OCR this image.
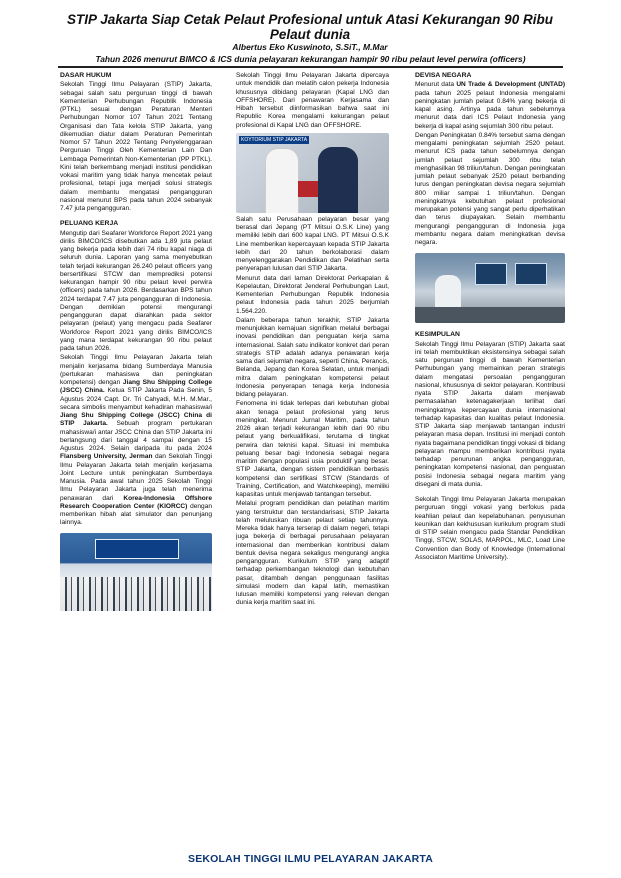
STIP Jakarta Siap Cetak Pelaut Profesional untuk Atasi Kekurangan 90 Ribu Pelaut dunia
Albertus Eko Kuswinoto, S.SiT., M.Mar
Tahun 2026 menurut BIMCO & ICS dunia pelayaran kekurangan hampir 90 ribu pelaut level perwira (officers)
DASAR HUKUM

Sekolah Tinggi Ilmu Pelayaran (STIP) Jakarta, sebagai salah satu perguruan tinggi di bawah Kementerian Perhubungan Republik Indonesia (PTKL) sesuai dengan Peraturan Menteri Perhubungan Nomor 107 Tahun 2021 Tentang Organisasi dan Tata kelola STIP Jakarta, yang dikemudian diatur dalam Peraturan Pemerintah Nomor 57 Tahun 2022 Tentang Penyelenggaraan Perguruan Tinggi Oleh Kementerian Lain Dan Lembaga Pemerintah Non-Kementerian (PP PTKL). Kini telah berkembang menjadi institusi pendidikan vokasi maritim yang tidak hanya mencetak pelaut profesional, tetapi juga menjadi solusi strategis dalam membantu mengatasi pengangguran nasional menurut BPS pada tahun 2024 sebanyak 7.47 juta pengangguran.

PELUANG KERJA

Mengutip dari Seafarer Workforce Report 2021 yang dirilis BIMCO/ICS disebutkan ada 1,89 juta pelaut yang bekerja pada lebih dari 74 ribu kapal niaga di seluruh dunia. Laporan yang sama menyebutkan telah terjadi kekurangan 26.240 pelaut officers yang bersertifikasi STCW dan memprediksi potensi kekurangan hampir 90 ribu pelaut level perwira (officers) pada tahun 2026. Berdasarkan BPS tahun 2024 terdapat 7.47 juta pengangguran di Indonesia. Dengan demikian potensi mengurangi pengangguran dapat diarahkan pada sektor pelayaran (pelaut) yang mengacu pada Seafarer Workforce Report 2021 yang dirilis BIMCO/ICS yang mana terdapat kekurangan 90 ribu pelaut pada tahun 2026.

Sekolah Tinggi Ilmu Pelayaran Jakarta telah menjalin kerjasama bidang Sumberdaya Manusia (pertukaran mahasiswa dan peningkatan kompetensi) dengan Jiang Shu Shipping College (JSCC) China. Ketua STIP Jakarta Pada Senin, 5 Agustus 2024 Capt. Dr. Tri Cahyadi, M.H. M.Mar., secara simbolis menyambut kehadiran mahasiswa/i Jiang Shu Shipping College (JSCC) China di STIP Jakarta. Sebuah program pertukaran mahasiswa/i antar JSCC China dan STIP Jakarta ini berlangsung dari tanggal 4 sampai dengan 15 Agustus 2024. Selain daripada itu pada 2024 Flansberg University, Jerman dan Sekolah Tinggi Ilmu Pelayaran Jakarta telah menjalin kerjasama Joint Lecture untuk peningkatan Sumberdaya Manusia. Pada awal tahun 2025 Sekolah Tinggi Ilmu Pelayaran Jakarta juga telah menerima penawaran dari Korea-Indonesia Offshore Research Cooperation Center (KIORCC) dengan memberikan hibah alat simulator dan penunjang lainnya.

Sekolah Tinggi Ilmu Pelayaran Jakarta dipercaya untuk mendidik dan melatih calon pekerja Indonesia khususnya dibidang pelayaran (Kapal LNG dan OFFSHORE). Dari penawaran Kerjasama dan Hibah tersebut diinformasikan bahwa saat ini Republic Korea mengalami kekurangan pelaut profesional di Kapal LNG dan OFFSHORE.

KOYTORIUM STIP JAKARTA

Salah satu Perusahaan pelayaran besar yang berasal dari Jepang (PT Mitsui O.S.K Line) yang memiliki lebih dari 600 kapal LNG. PT Mitsui O.S.K Line memberikan kepercayaan kepada STIP Jakarta lebih dari 20 tahun berkolaborasi dalam menyelenggarakan Pendidikan dan Pelatihan serta penyerapan lulusan dari STIP Jakarta.

Menurut data dari laman Direktorat Perkapalan & Kepelautan, Direktorat Jenderal Perhubungan Laut, Kementerian Perhubungan Republik Indonesia pelaut Indonesia pada tahun 2025 berjumlah 1.564.220.

Dalam beberapa tahun terakhir, STIP Jakarta menunjukkan kemajuan signifikan melalui berbagai inovasi pendidikan dan penguatan kerja sama internasional. Salah satu indikator konkret dari peran strategis STIP adalah adanya penawaran kerja sama dari sejumlah negara, seperti China, Perancis, Belanda, Jepang dan Korea Selatan, untuk menjadi mitra dalam peningkatan kompetensi pelaut Indonesia penyerapan tenaga kerja Indonesia bidang pelayaran.

Fenomena ini tidak terlepas dari kebutuhan global akan tenaga pelaut profesional yang terus meningkat. Menurut Jurnal Maritim, pada tahun 2026 akan terjadi kekurangan lebih dari 90 ribu pelaut yang berkualifikasi, terutama di tingkat perwira dan teknisi kapal. Situasi ini membuka peluang besar bagi Indonesia sebagai negara maritim dengan populasi usia produktif yang besar. STIP Jakarta, dengan sistem pendidikan berbasis kompetensi dan sertifikasi STCW (Standards of Training, Certification, and Watchkeeping), memiliki kapasitas untuk menjawab tantangan tersebut.

Melalui program pendidikan dan pelatihan maritim yang terstruktur dan terstandarisasi, STIP Jakarta telah meluluskan ribuan pelaut setiap tahunnya. Mereka tidak hanya terserap di dalam negeri, tetapi juga bekerja di berbagai perusahaan pelayaran internasional dan memberikan kontribusi dalam bentuk devisa negara sekaligus mengurangi angka pengangguran. Kurikulum STIP yang adaptif terhadap perkembangan teknologi dan kebutuhan pasar, ditambah dengan penggunaan fasilitas simulasi modern dan kapal latih, memastikan lulusan memiliki kompetensi yang relevan dengan dunia kerja maritim saat ini.

DEVISA NEGARA

Menurut data UN Trade & Development (UNTAD) pada tahun 2025 pelaut Indonesia mengalami peningkatan jumlah pelaut 0.84% yang bekerja di kapal asing. Artinya pada tahun sebelumnya menurut data dari ICS Pelaut Indonesia yang bekerja di kapal asing sejumlah 300 ribu pelaut.

Dengan Peningkatan 0.84% tersebut sama dengan mengalami peningkatan sejumlah 2520 pelaut. menurut ICS pada tahun sebelumnya dengan jumlah pelaut sejumlah 300 ribu telah menghasilkan 98 triliun/tahun. Dengan peningkatan jumlah pelaut sebanyak 2520 pelaut berbanding lurus dengan peningkatan devisa negara sejumlah 800 miliar sampai 1 triliun/tahun. Dengan meningkatnya kebutuhan pelaut profesional merupakan potensi yang sangat perlu diperhatikan dan terus diupayakan. Selain membantu mengurangi pengangguran di Indonesia juga membantu negara dalam meningkatkan devisa negara.

KESIMPULAN

Sekolah Tinggi Ilmu Pelayaran (STIP) Jakarta saat ini telah membuktikan eksistensinya sebagai salah satu perguruan tinggi di bawah Kementerian Perhubungan yang memainkan peran strategis dalam mengatasi persoalan pengangguran nasional, khususnya di sektor pelayaran. Kontribusi nyata STIP Jakarta dalam menjawab permasalahan ketenagakerjaan terlihat dari meningkatnya kepercayaan dunia internasional terhadap kapasitas dan kualitas pelaut Indonesia. STIP Jakarta siap menjawab tantangan industri pelayaran masa depan. Institusi ini menjadi contoh nyata bagaimana pendidikan tinggi vokasi di bidang pelayaran mampu memberikan kontribusi nyata terhadap penurunan angka pengangguran, peningkatan kompetensi nasional, dan penguatan posisi Indonesia sebagai negara maritim yang disegani di mata dunia.

Sekolah Tinggi Ilmu Pelayaran Jakarta merupakan perguruan tinggi vokasi yang berfokus pada keahlian pelaut dan kepelabuhanan. penyusunan keunikan dan kekhususan kurikulum program studi di STIP selain mengacu pada Standar Pendidikan Tinggi, STCW, SOLAS, MARPOL, MLC, Load Line Convention dan Body of Knowledge (International Associaton Maritime University).

SEKOLAH TINGGI ILMU PELAYARAN JAKARTA
